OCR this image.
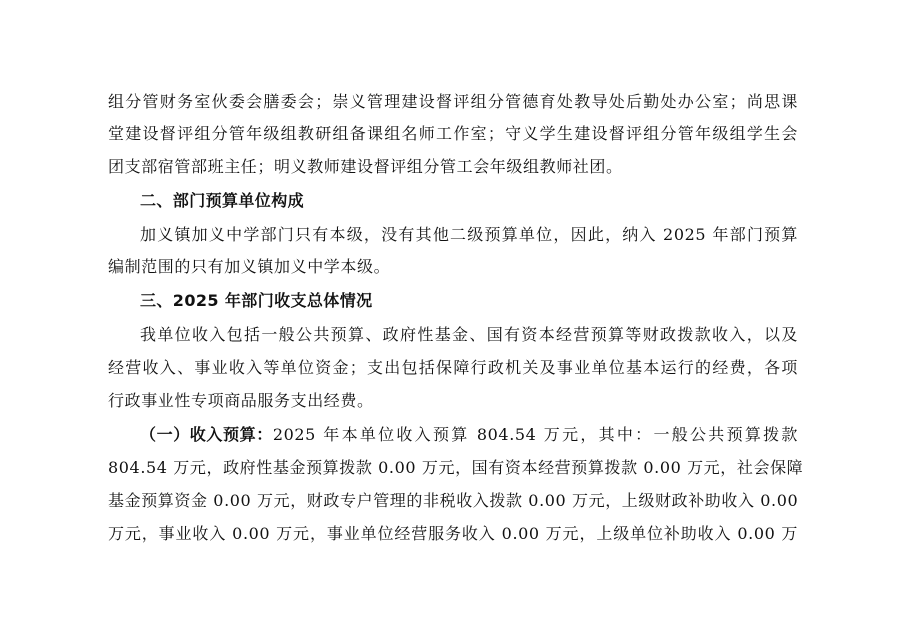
组分管财务室伙委会膳委会；崇义管理建设督评组分管德育处教导处后勤处办公室；尚思课
堂建设督评组分管年级组教研组备课组名师工作室；守义学生建设督评组分管年级组学生会
团支部宿管部班主任；明义教师建设督评组分管工会年级组教师社团。
二、部门预算单位构成
加义镇加义中学部门只有本级，没有其他二级预算单位，因此，纳入 2025 年部门预算
编制范围的只有加义镇加义中学本级。
三、2025 年部门收支总体情况
我单位收入包括一般公共预算、政府性基金、国有资本经营预算等财政拨款收入，以及
经营收入、事业收入等单位资金；支出包括保障行政机关及事业单位基本运行的经费，各项
行政事业性专项商品服务支出经费。
（一）收入预算： 2025 年本单位收入预算 804.54 万元，其中：一般公共预算拨款
804.54 万元，政府性基金预算拨款 0.00 万元，国有资本经营预算拨款 0.00 万元，社会保障
基金预算资金 0.00 万元，财政专户管理的非税收入拨款 0.00 万元，上级财政补助收入 0.00
万元，事业收入 0.00 万元，事业单位经营服务收入 0.00 万元，上级单位补助收入 0.00 万
